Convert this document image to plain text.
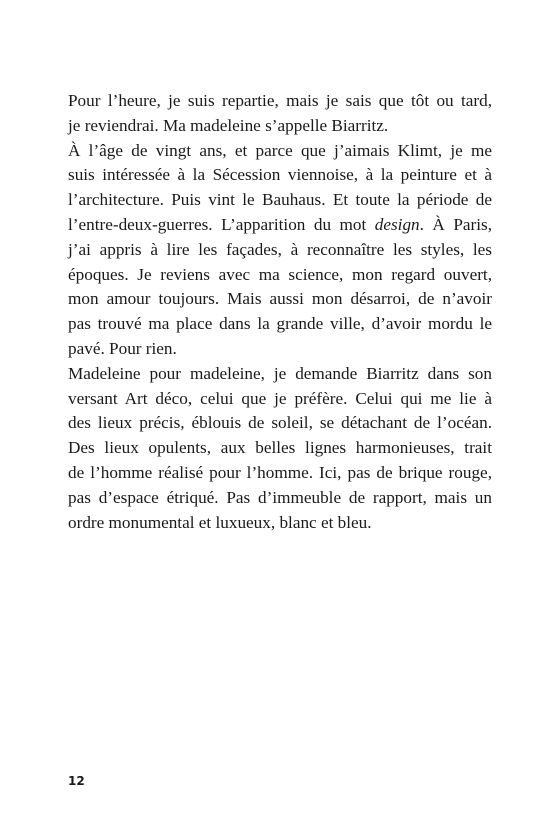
Pour l’heure, je suis repartie, mais je sais que tôt ou tard,
je reviendrai. Ma madeleine s’appelle Biarritz.
À l’âge de vingt ans, et parce que j’aimais Klimt, je me
suis intéressée à la Sécession viennoise, à la peinture et à
l’architecture. Puis vint le Bauhaus. Et toute la période de
l’entre-deux-guerres. L’apparition du mot design. À Paris,
j’ai appris à lire les façades, à reconnaître les styles, les
époques. Je reviens avec ma science, mon regard ouvert,
mon amour toujours. Mais aussi mon désarroi, de n’avoir
pas trouvé ma place dans la grande ville, d’avoir mordu le
pavé. Pour rien.
Madeleine pour madeleine, je demande Biarritz dans son
versant Art déco, celui que je préfère. Celui qui me lie à
des lieux précis, éblouis de soleil, se détachant de l’océan.
Des lieux opulents, aux belles lignes harmonieuses, trait
de l’homme réalisé pour l’homme. Ici, pas de brique rouge,
pas d’espace étriqué. Pas d’immeuble de rapport, mais un
ordre monumental et luxueux, blanc et bleu.
12
